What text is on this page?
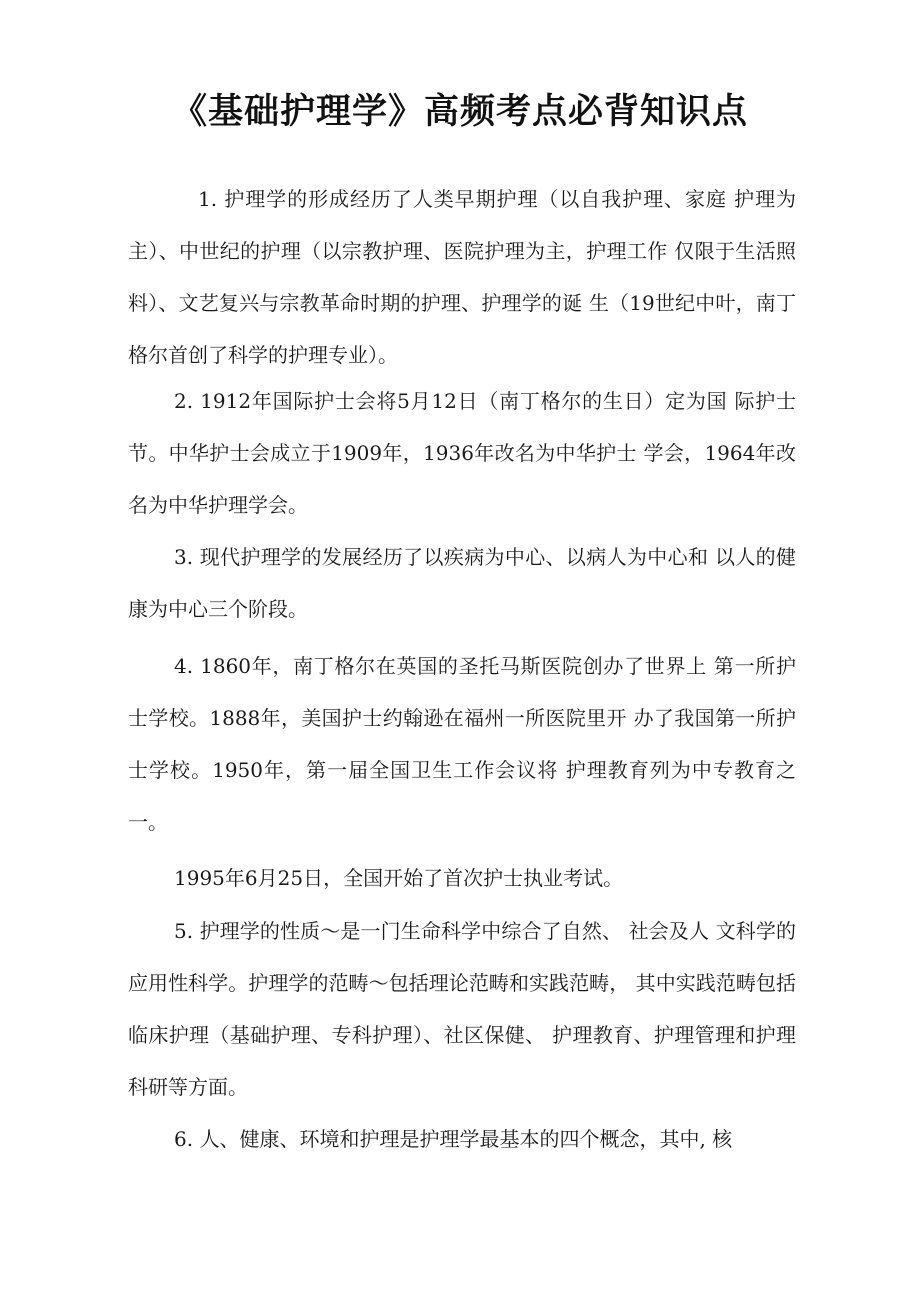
《基础护理学》高频考点必背知识点

1. 护理学的形成经历了人类早期护理（以自我护理、家庭 护理为主）、中世纪的护理（以宗教护理、医院护理为主，护理工作 仅限于生活照料）、文艺复兴与宗教革命时期的护理、护理学的诞 生（19世纪中叶，南丁格尔首创了科学的护理专业）。

2. 1912年国际护士会将5月12日（南丁格尔的生日）定为国 际护士节。中华护士会成立于1909年，1936年改名为中华护士 学会，1964年改名为中华护理学会。

3. 现代护理学的发展经历了以疾病为中心、以病人为中心和 以人的健康为中心三个阶段。

4. 1860年，南丁格尔在英国的圣托马斯医院创办了世界上 第一所护士学校。1888年，美国护士约翰逊在福州一所医院里开 办了我国第一所护士学校。1950年，第一届全国卫生工作会议将 护理教育列为中专教育之一。

1995年6月25日，全国开始了首次护士执业考试。

5. 护理学的性质〜是一门生命科学中综合了自然、 社会及人 文科学的应用性科学。护理学的范畴〜包括理论范畴和实践范畴， 其中实践范畴包括临床护理（基础护理、专科护理）、社区保健、 护理教育、护理管理和护理科研等方面。

6. 人、健康、环境和护理是护理学最基本的四个概念，其中, 核
